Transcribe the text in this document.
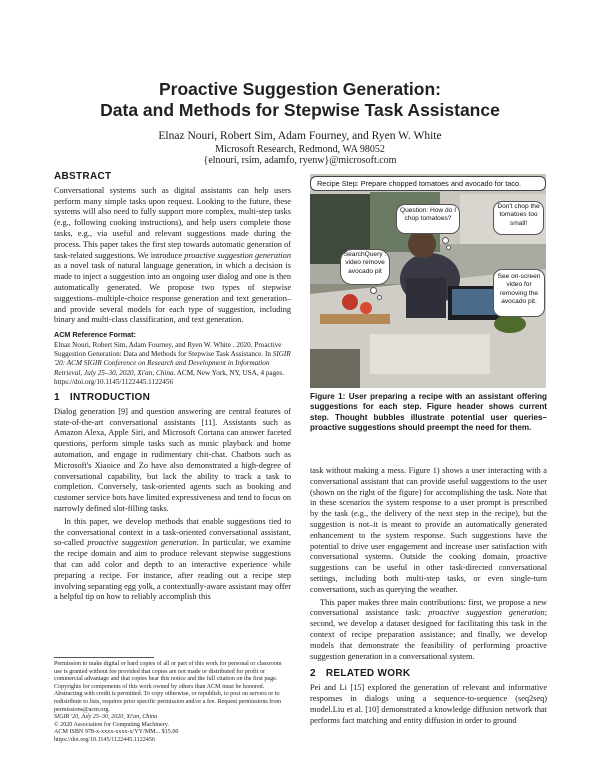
Proactive Suggestion Generation:
Data and Methods for Stepwise Task Assistance
Elnaz Nouri, Robert Sim, Adam Fourney, and Ryen W. White
Microsoft Research, Redmond, WA 98052
{elnouri, rsim, adamfo, ryenw}@microsoft.com
ABSTRACT

Conversational systems such as digital assistants can help users perform many simple tasks upon request. Looking to the future, these systems will also need to fully support more complex, multi-step tasks (e.g., following cooking instructions), and help users complete those tasks, e.g., via useful and relevant suggestions made during the process. This paper takes the first step towards automatic generation of task-related suggestions. We introduce proactive suggestion generation as a novel task of natural language generation, in which a decision is made to inject a suggestion into an ongoing user dialog and one is then automatically generated. We propose two types of stepwise suggestions–multiple-choice response generation and text generation–and provide several models for each type of suggestion, including binary and multi-class classification, and text generation.

ACM Reference Format:

Elnaz Nouri, Robert Sim, Adam Fourney, and Ryen W. White . 2020. Proactive Suggestion Generation: Data and Methods for Stepwise Task Assistance. In SIGIR '20: ACM SIGIR Conference on Research and Development in Information Retrieval, July 25–30, 2020, Xi'an, China. ACM, New York, NY, USA, 4 pages. https://doi.org/10.1145/1122445.1122456

1 INTRODUCTION

Dialog generation [9] and question answering are central features of state-of-the-art conversational assistants [11]. Assistants such as Amazon Alexa, Apple Siri, and Microsoft Cortana can answer faceted questions, perform simple tasks such as music playback and home automation, and engage in rudimentary chit-chat. Chatbots such as Microsoft's Xiaoice and Zo have also demonstrated a high-degree of conversational capability, but lack the ability to track a task to completion. Conversely, task-oriented agents such as booking and customer service bots have limited expressiveness and tend to focus on narrowly defined slot-filling tasks.

In this paper, we develop methods that enable suggestions tied to the conversational context in a task-oriented conversational assistant, so-called proactive suggestion generation. In particular, we examine the recipe domain and aim to produce relevant stepwise suggestions that can add color and depth to an interactive experience while preparing a recipe. For instance, after reading out a recipe step involving separating egg yolk, a contextually-aware assistant may offer a helpful tip on how to reliably accomplish this

Permission to make digital or hard copies of all or part of this work for personal or classroom use is granted without fee provided that copies are not made or distributed for profit or commercial advantage and that copies bear this notice and the full citation on the first page. Copyrights for components of this work owned by others than ACM must be honored. Abstracting with credit is permitted. To copy otherwise, or republish, to post on servers or to redistribute to lists, requires prior specific permission and/or a fee. Request permissions from permissions@acm.org.
SIGIR '20, July 25–30, 2020, Xi'an, China
© 2020 Association for Computing Machinery.
ACM ISBN 978-x-xxxx-xxxx-x/YY/MM... $15.00
https://doi.org/10.1145/1122445.1122456
Recipe Step: Prepare chopped tomatoes and avocado for taco.
Question: How do I chop tomatoes?
Don't chop the tomatoes too small!
SearchQuery : video remove avocado pit
See on-screen video for removing the avocado pit.
Figure 1: User preparing a recipe with an assistant offering suggestions for each step. Figure header shows current step. Thought bubbles illustrate potential user queries–proactive suggestions should preempt the need for them.

task without making a mess. Figure 1) shows a user interacting with a conversational assistant that can provide useful suggestions to the user (shown on the right of the figure) for accomplishing the task. Note that in these scenarios the system response to a user prompt is prescribed by the task (e.g., the delivery of the next step in the recipe), but the suggestion is not–it is meant to provide an automatically generated enhancement to the system response. Such suggestions have the potential to drive user engagement and increase user satisfaction with conversational systems. Outside the cooking domain, proactive suggestions can be useful in other task-directed conversational settings, including both multi-step tasks, or even single-turn conversations, such as querying the weather.

This paper makes three main contributions: first, we propose a new conversational assistance task: proactive suggestion generation; second, we develop a dataset designed for facilitating this task in the context of recipe preparation assistance; and finally, we develop models that demonstrate the feasibility of performing proactive suggestion generation in a conversational system.

2 RELATED WORK

Pei and Li [15] explored the generation of relevant and informative responses in dialogs using a sequence-to-sequence (seq2seq) model.Liu et al. [10] demonstrated a knowledge diffusion network that performs fact matching and entity diffusion in order to ground
